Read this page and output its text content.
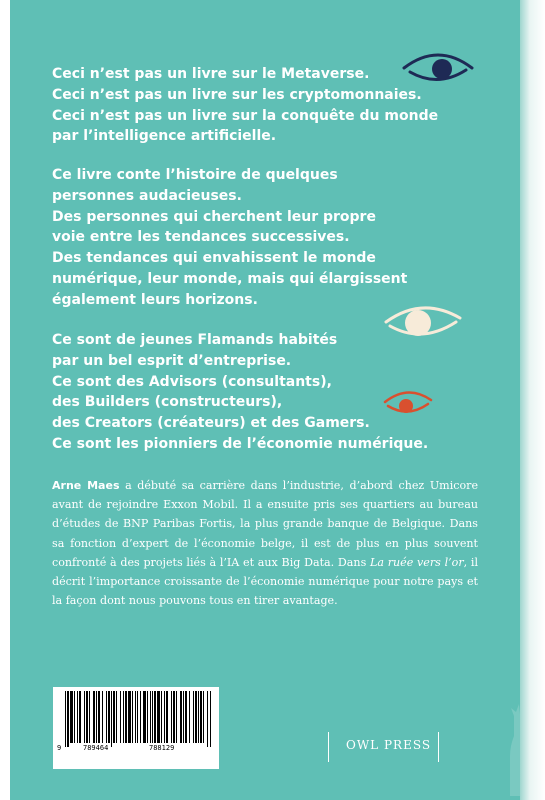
Ceci n’est pas un livre sur le Metaverse.

Ceci n’est pas un livre sur les cryptomonnaies.

Ceci n’est pas un livre sur la conquête du monde

par l’intelligence artificielle.

Ce livre conte l’histoire de quelques

personnes audacieuses.

Des personnes qui cherchent leur propre

voie entre les tendances successives.

Des tendances qui envahissent le monde

numérique, leur monde, mais qui élargissent

également leurs horizons.

Ce sont de jeunes Flamands habités

par un bel esprit d’entreprise.

Ce sont des Advisors (consultants),

des Builders (constructeurs),

des Creators (créateurs) et des Gamers.

Ce sont les pionniers de l’économie numérique.

Arne Maes a débuté sa carrière dans l’industrie, d’abord chez Umicore avant de rejoindre Exxon Mobil. Il a ensuite pris ses quartiers au bureau d’études de BNP Paribas Fortis, la plus grande banque de Belgique. Dans sa fonction d’expert de l’économie belge, il est de plus en plus souvent confronté à des projets liés à l’IA et aux Big Data. Dans La ruée vers l’or, il décrit l’importance croissante de l’économie numérique pour notre pays et la façon dont nous pouvons tous en tirer avantage.
9	789464	788129	OWL PRESS
